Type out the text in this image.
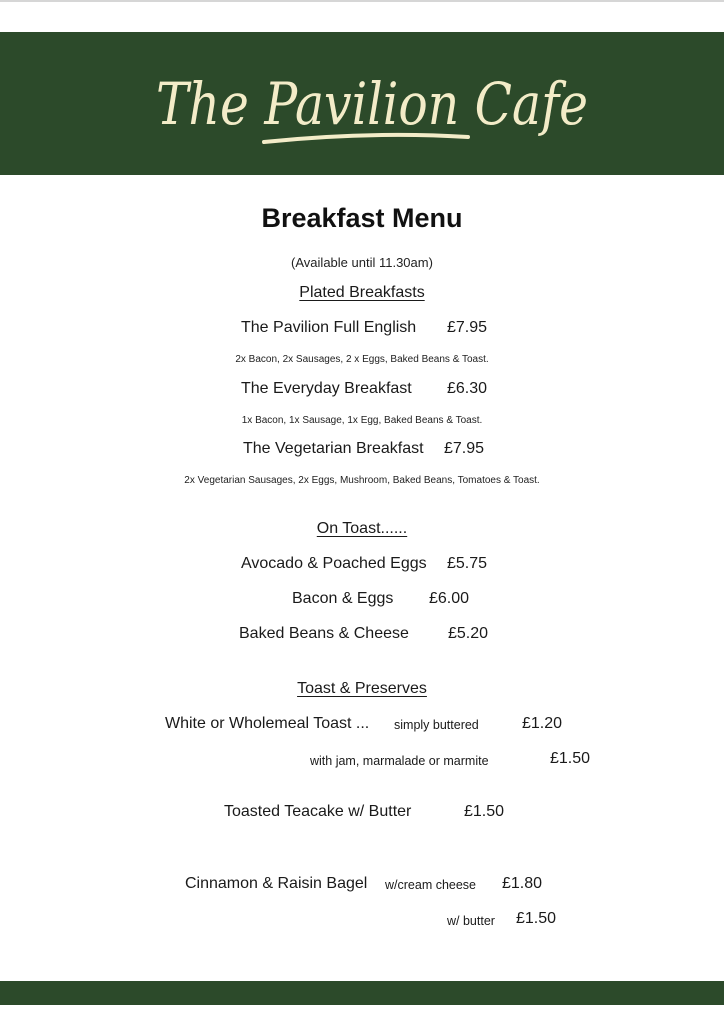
The Pavilion Cafe
Breakfast Menu
(Available until 11.30am)
Plated Breakfasts
The Pavilion Full English £7.95
2x Bacon, 2x Sausages, 2 x Eggs, Baked Beans & Toast.
The Everyday Breakfast £6.30
1x Bacon, 1x Sausage, 1x Egg, Baked Beans & Toast.
The Vegetarian Breakfast £7.95
2x Vegetarian Sausages, 2x Eggs, Mushroom, Baked Beans, Tomatoes & Toast.
On Toast......
Avocado & Poached Eggs £5.75
Bacon & Eggs £6.00
Baked Beans & Cheese £5.20
Toast & Preserves
White or Wholemeal Toast ... simply buttered	£1.20
with jam, marmalade or marmite	£1.50
Toasted Teacake w/ Butter	£1.50
Cinnamon & Raisin Bagel w/cream cheese £1.80
w/ butter £1.50
